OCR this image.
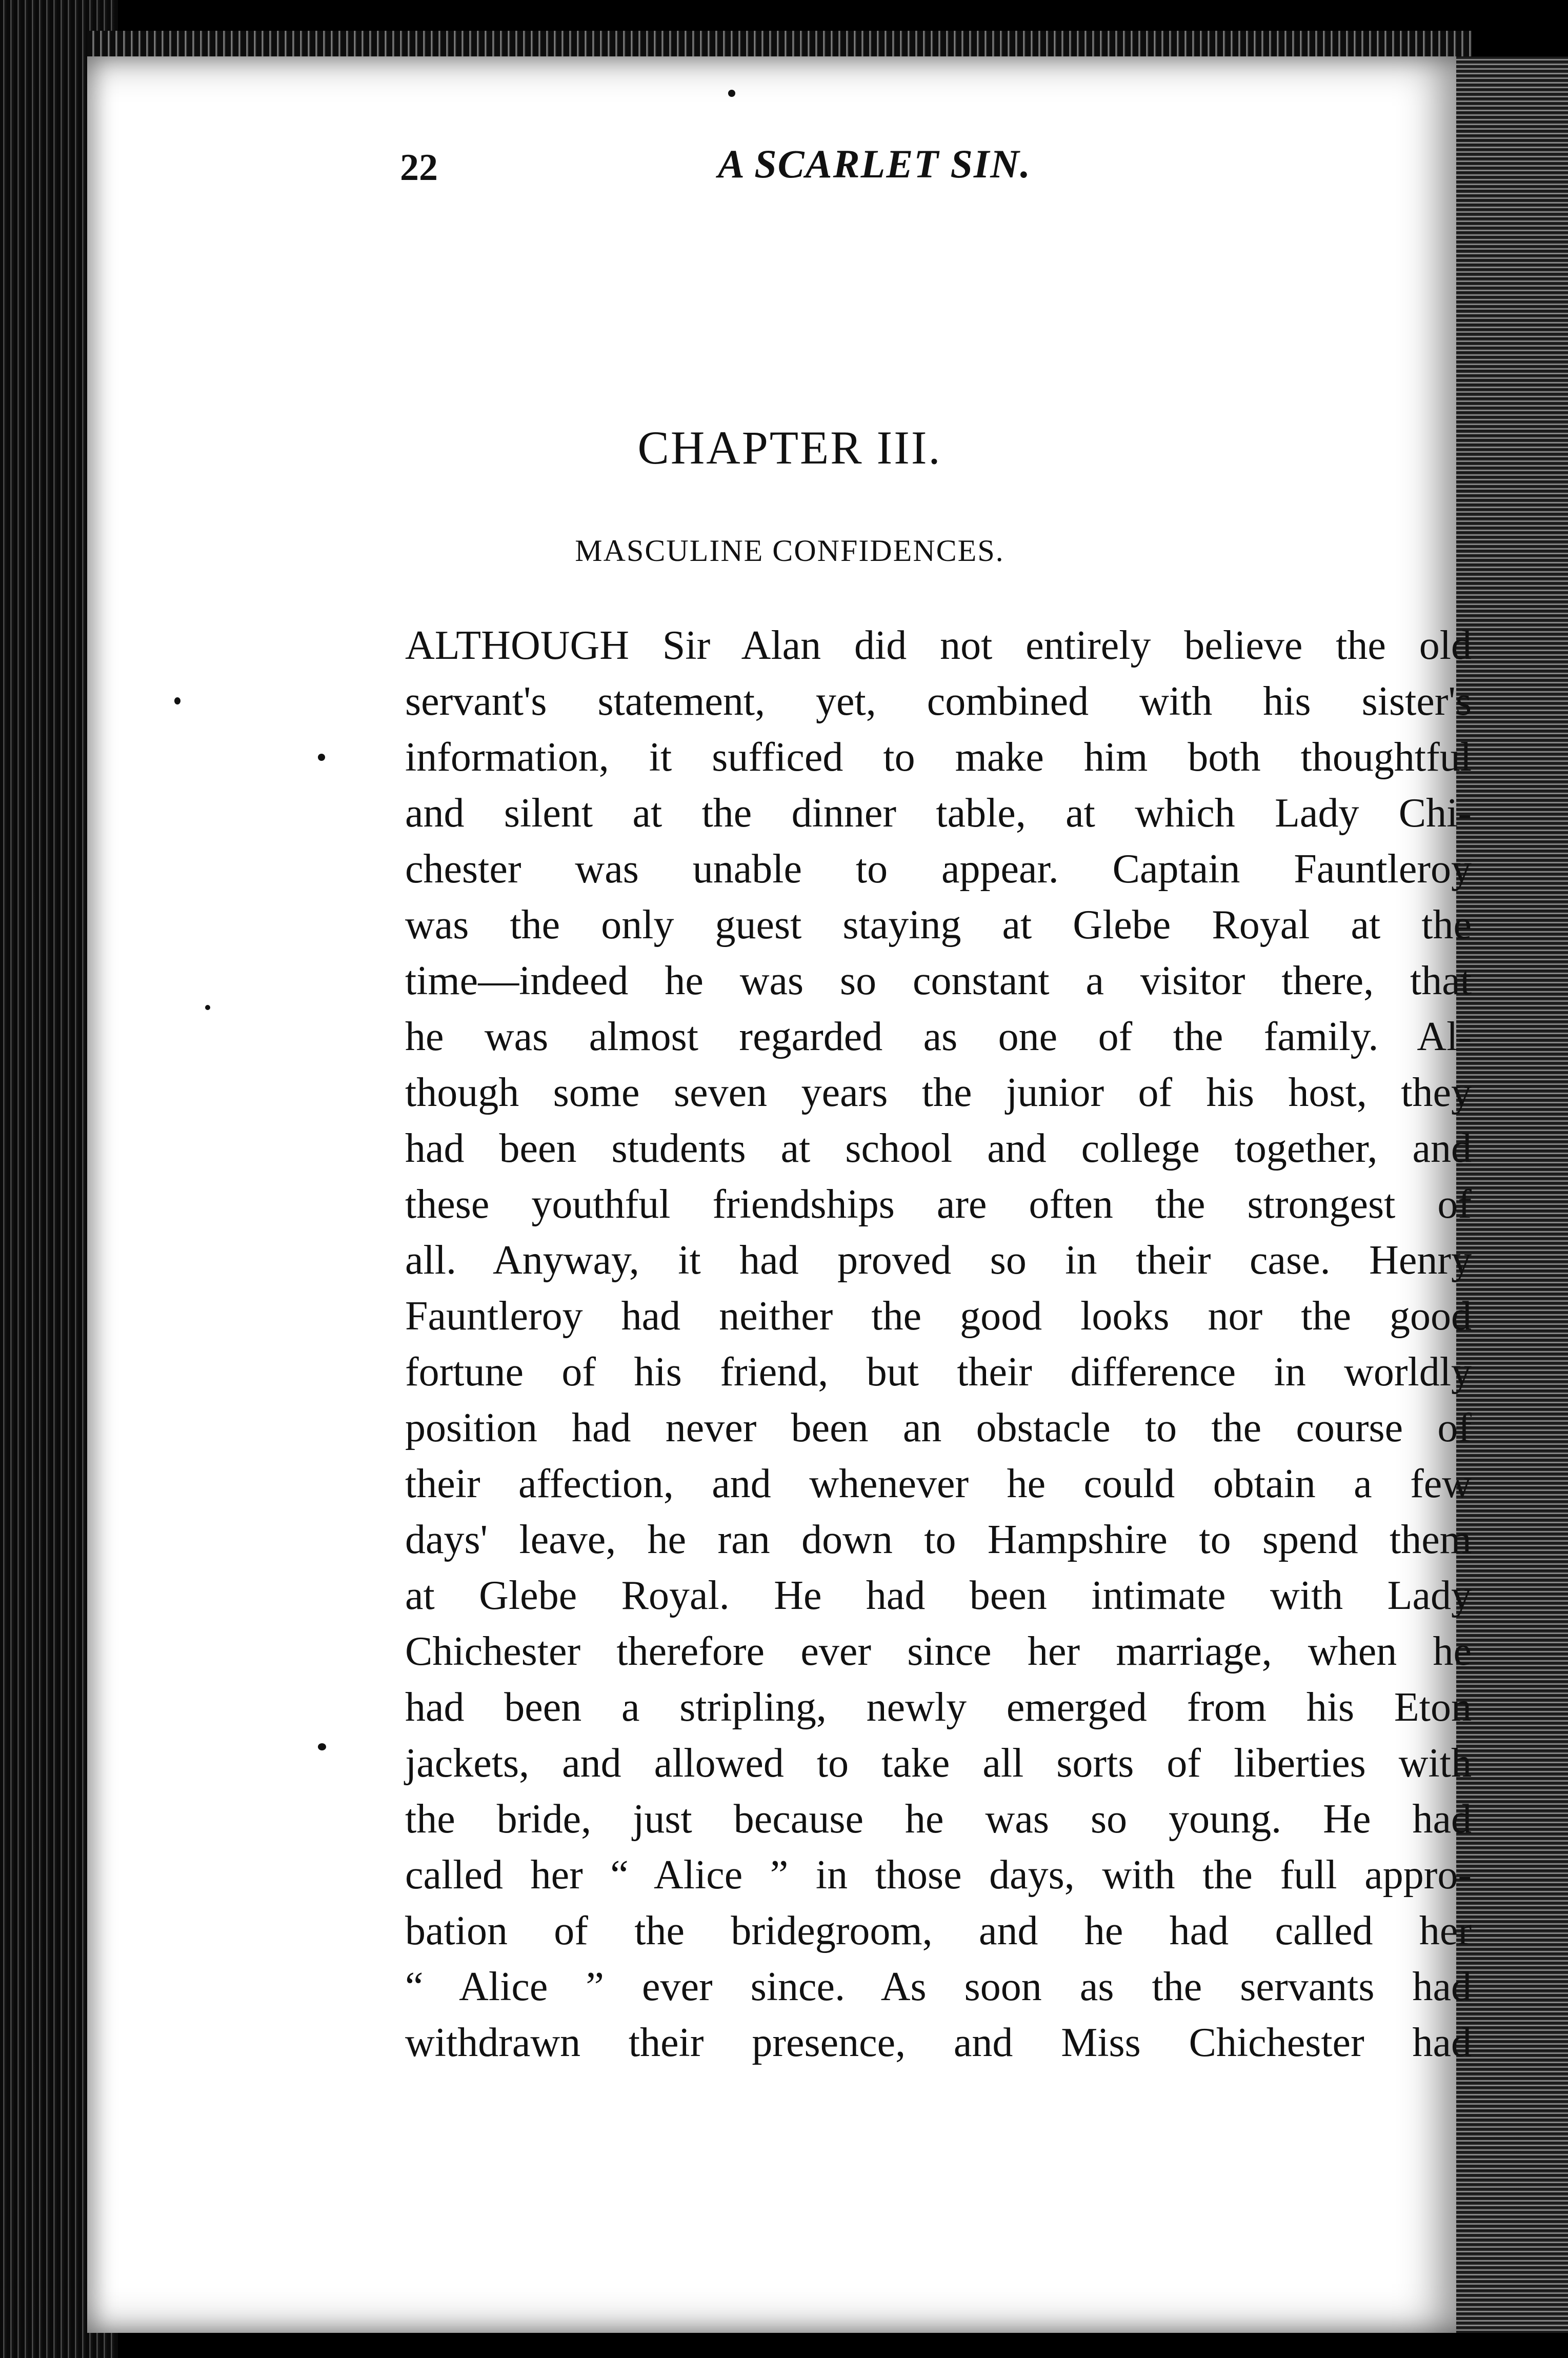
22	A SCARLET SIN.
CHAPTER III.
MASCULINE CONFIDENCES.
ALTHOUGH Sir Alan did not entirely believe the old
servant's statement, yet, combined with his sister's
information, it sufficed to make him both thoughtful
and silent at the dinner table, at which Lady Chi-
chester was unable to appear. Captain Fauntleroy
was the only guest staying at Glebe Royal at the
time—indeed he was so constant a visitor there, that
he was almost regarded as one of the family. Al-
though some seven years the junior of his host, they
had been students at school and college together, and
these youthful friendships are often the strongest of
all. Anyway, it had proved so in their case. Henry
Fauntleroy had neither the good looks nor the good
fortune of his friend, but their difference in worldly
position had never been an obstacle to the course of
their affection, and whenever he could obtain a few
days' leave, he ran down to Hampshire to spend them
at Glebe Royal. He had been intimate with Lady
Chichester therefore ever since her marriage, when he
had been a stripling, newly emerged from his Eton
jackets, and allowed to take all sorts of liberties with
the bride, just because he was so young. He had
called her “ Alice ” in those days, with the full appro-
bation of the bridegroom, and he had called her
“ Alice ” ever since. As soon as the servants had
withdrawn their presence, and Miss Chichester had
